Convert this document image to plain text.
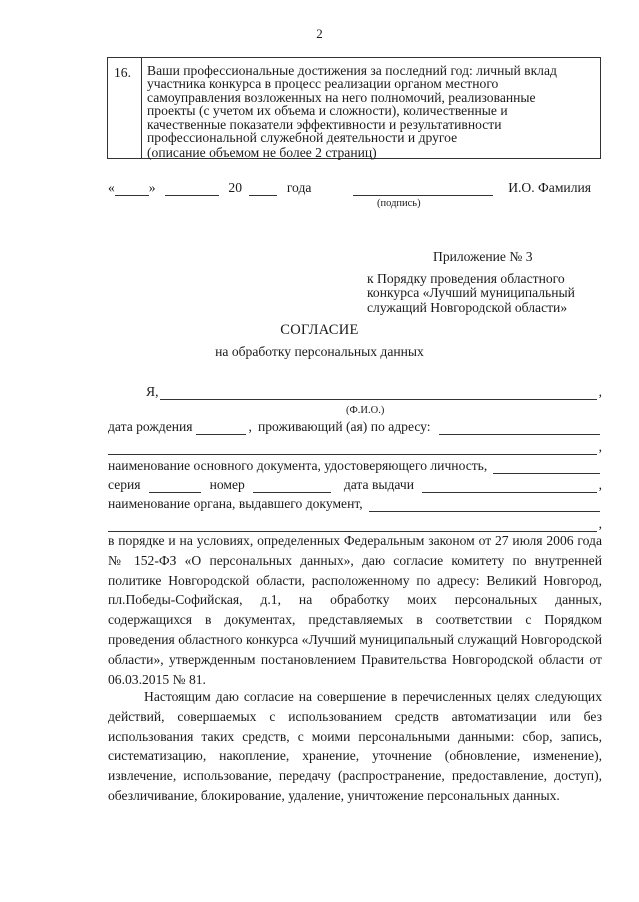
2
16. Ваши профессиональные достижения за последний год: личный вклад участника конкурса в процесс реализации органом местного самоуправления возложенных на него полномочий, реализованные проекты (с учетом их объема и сложности), количественные и качественные показатели эффективности и результативности профессиональной служебной деятельности и другое
(описание объемом не более 2 страниц)
«	»	20	года	И.О. Фамилия
(подпись)
Приложение № 3
к Порядку проведения областного
конкурса «Лучший муниципальный
служащий Новгородской области»
СОГЛАСИЕ
на обработку персональных данных
Я,	,
(Ф.И.О.)
дата рождения	, проживающий (ая) по адресу:
,
наименование основного документа, удостоверяющего личность,
серия	номер	дата выдачи	,
наименование органа, выдавшего документ,
,
в порядке и на условиях, определенных Федеральным законом от 27 июля 2006 года № 152-ФЗ «О персональных данных», даю согласие комитету по внутренней политике Новгородской области, расположенному по адресу: Великий Новгород, пл.Победы-Софийская, д.1, на обработку моих персональных данных, содержащихся в документах, представляемых в соответствии с Порядком проведения областного конкурса «Лучший муниципальный служащий Новгородской области», утвержденным постановлением Правительства Новгородской области от 06.03.2015 № 81.
Настоящим даю согласие на совершение в перечисленных целях следующих действий, совершаемых с использованием средств автоматизации или без использования таких средств, с моими персональными данными: сбор, запись, систематизацию, накопление, хранение, уточнение (обновление, изменение), извлечение, использование, передачу (распространение, предоставление, доступ), обезличивание, блокирование, удаление, уничтожение персональных данных.
